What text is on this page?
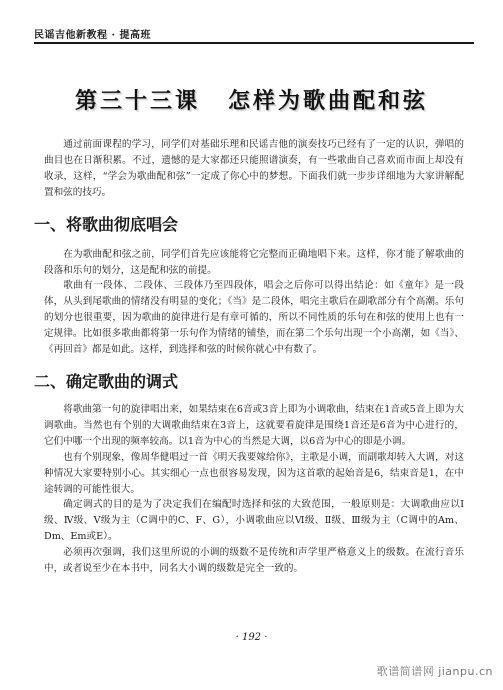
民谣吉他新教程 · 提高班
第三十三课 怎样为歌曲配和弦

通过前面课程的学习，同学们对基础乐理和民谣吉他的演奏技巧已经有了一定的认识，弹唱的曲目也在日渐积累。不过，遗憾的是大家都还只能照谱演奏，有一些歌曲自己喜欢而市面上却没有收录，这样，“学会为歌曲配和弦”一定成了你心中的梦想。下面我们就一步步详细地为大家讲解配置和弦的技巧。

一、将歌曲彻底唱会

在为歌曲配和弦之前，同学们首先应该能将它完整而正确地唱下来。这样，你才能了解歌曲的段落和乐句的划分，这是配和弦的前提。

歌曲有一段体、二段体、三段体乃至四段体，唱会之后你可以得出结论：如《童年》是一段体，从头到尾歌曲的情绪没有明显的变化；《当》是二段体，唱完主歌后在副歌部分有个高潮。乐句的划分也很重要，因为歌曲的旋律进行是有章可循的，所以不同性质的乐句在和弦的使用上也有一定规律。比如很多歌曲都将第一乐句作为情绪的铺垫，而在第二个乐句出现一个小高潮，如《当》、《再回首》都是如此。这样，到选择和弦的时候你就心中有数了。

二、确定歌曲的调式

将歌曲第一句的旋律唱出来，如果结束在6音或3音上即为小调歌曲，结束在1音或5音上即为大调歌曲。当然也有个别的大调歌曲结束在3音上，这就要看旋律是围绕1音还是6音为中心进行的，它们中哪一个出现的频率较高。以1音为中心的当然是大调，以6音为中心的即是小调。

也有个别现象，像周华健唱过一首《明天我要嫁给你》，主歌是小调，而副歌却转入大调，对这种情况大家要特别小心。其实细心一点也很容易发现，因为这首歌的起始音是6，结束音是1，在中途转调的可能性很大。

确定调式的目的是为了决定我们在编配时选择和弦的大致范围，一般原则是：大调歌曲应以Ⅰ级、Ⅳ级、Ⅴ级为主（C调中的C、F、G），小调歌曲应以Ⅵ级、Ⅱ级、Ⅲ级为主（C调中的Am、Dm、Em或E）。

必须再次强调，我们这里所说的小调的级数不是传统和声学里严格意义上的级数。在流行音乐中，或者说至少在本书中，同名大小调的级数是完全一致的。

· 192 ·
歌谱简谱网 jianpu.cn
